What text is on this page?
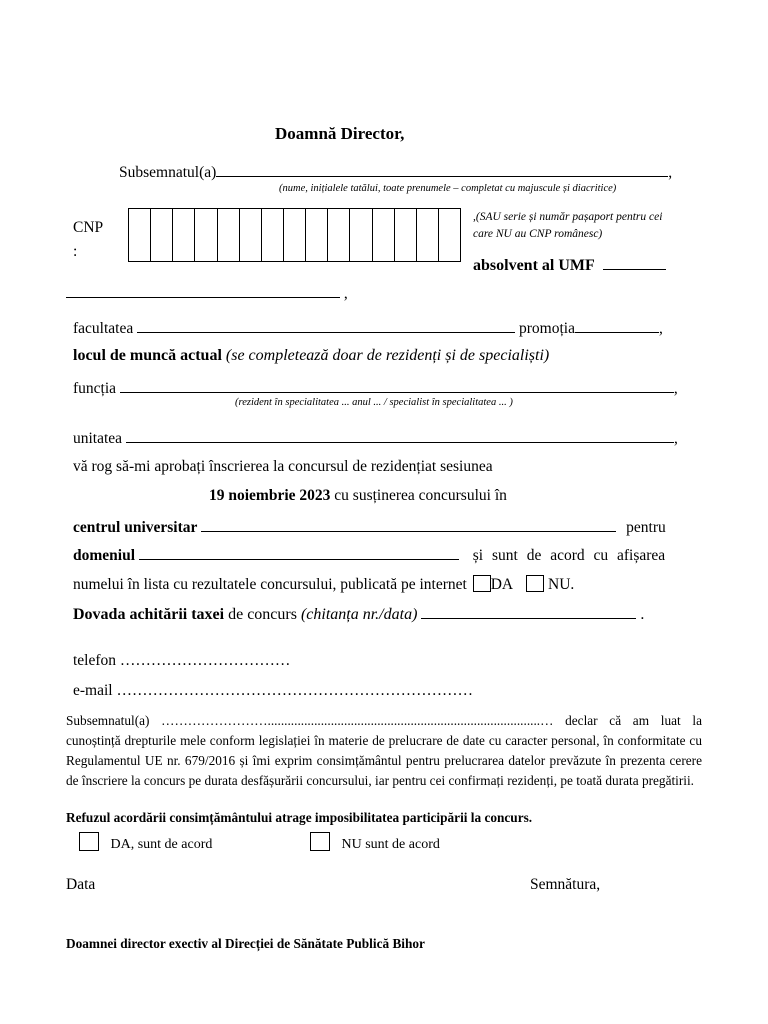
Doamnă Director,
Subsemnatul(a)	,
(nume, inițialele tatălui, toate prenumele – completat cu majuscule și diacritice)
CNP
:
,(SAU serie și număr pașaport pentru cei
care NU au CNP românesc)
absolvent al UMF
,
facultatea	promoția	,
locul de muncă actual (se completează doar de rezidenți și de specialiști)
funcția	,
(rezident în specialitatea ... anul ... / specialist în specialitatea ... )
unitatea	,
vă rog să-mi aprobați înscrierea la concursul de rezidențiat sesiunea
19 noiembrie 2023 cu susținerea concursului în
centrul universitar	pentru
domeniul	și sunt de acord cu afișarea
numelui în lista cu rezultatele concursului, publicată pe internet DA NU.
Dovada achitării taxei de concurs (chitanța nr./data)	.
telefon ……………………………
e-mail ……………………………………………………………
Subsemnatul(a) ……………………..................................................................................… declar că am luat la cunoștință drepturile mele conform legislației în materie de prelucrare de date cu caracter personal, în conformitate cu Regulamentul UE nr. 679/2016 și îmi exprim consimțământul pentru prelucrarea datelor prevăzute în prezenta cerere de înscriere la concurs pe durata desfășurării concursului, iar pentru cei confirmați rezidenți, pe toată durata pregătirii.
Refuzul acordării consimțământului atrage imposibilitatea participării la concurs.
DA, sunt de acord	NU sunt de acord
Data	Semnătura,
Doamnei director exectiv al Direcției de Sănătate Publică Bihor
